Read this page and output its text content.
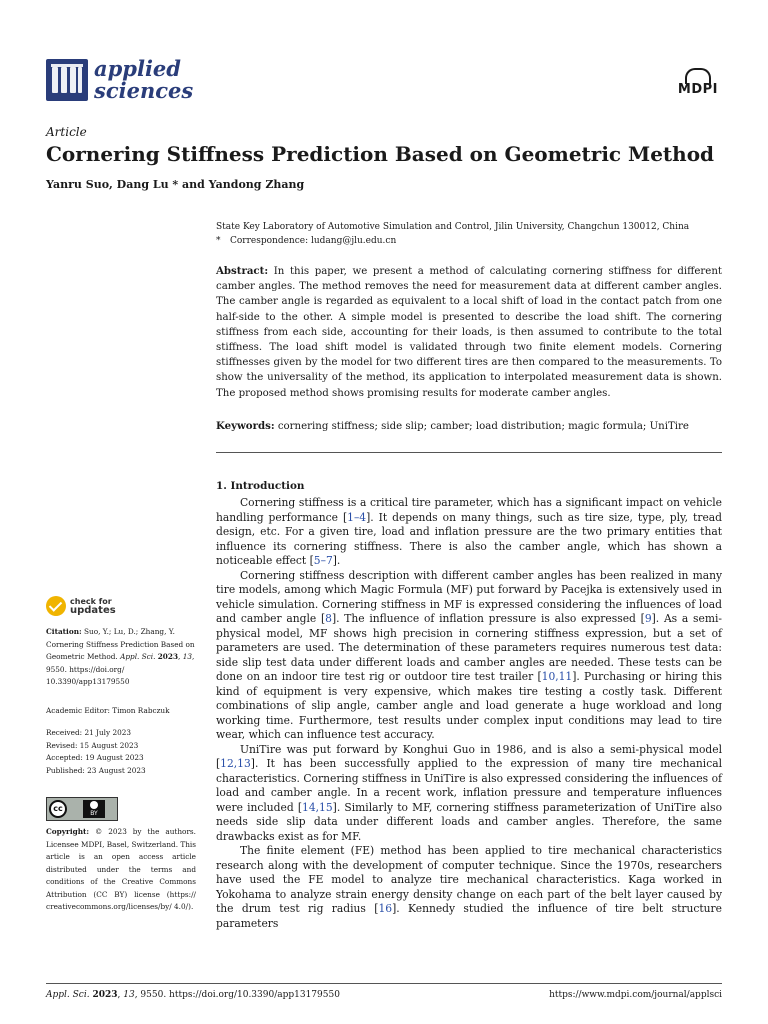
applied
sciences	MDPI
Article
Cornering Stiffness Prediction Based on Geometric Method
Yanru Suo, Dang Lu * and Yandong Zhang
State Key Laboratory of Automotive Simulation and Control, Jilin University, Changchun 130012, China
* Correspondence: ludang@jlu.edu.cn
Abstract: In this paper, we present a method of calculating cornering stiffness for different camber angles. The method removes the need for measurement data at different camber angles. The camber angle is regarded as equivalent to a local shift of load in the contact patch from one half-side to the other. A simple model is presented to describe the load shift. The cornering stiffness from each side, accounting for their loads, is then assumed to contribute to the total stiffness. The load shift model is validated through two finite element models. Cornering stiffnesses given by the model for two different tires are then compared to the measurements. To show the universality of the method, its application to interpolated measurement data is shown. The proposed method shows promising results for moderate camber angles.
Keywords: cornering stiffness; side slip; camber; load distribution; magic formula; UniTire
1. Introduction

Cornering stiffness is a critical tire parameter, which has a significant impact on vehicle handling performance [1–4]. It depends on many things, such as tire size, type, ply, tread design, etc. For a given tire, load and inflation pressure are the two primary entities that influence its cornering stiffness. There is also the camber angle, which has shown a noticeable effect [5–7].

Cornering stiffness description with different camber angles has been realized in many tire models, among which Magic Formula (MF) put forward by Pacejka is extensively used in vehicle simulation. Cornering stiffness in MF is expressed considering the influences of load and camber angle [8]. The influence of inflation pressure is also expressed [9]. As a semi-physical model, MF shows high precision in cornering stiffness expression, but a set of parameters are used. The determination of these parameters requires numerous test data: side slip test data under different loads and camber angles are needed. These tests can be done on an indoor tire test rig or outdoor tire test trailer [10,11]. Purchasing or hiring this kind of equipment is very expensive, which makes tire testing a costly task. Different combinations of slip angle, camber angle and load generate a huge workload and long working time. Furthermore, test results under complex input conditions may lead to tire wear, which can influence test accuracy.

UniTire was put forward by Konghui Guo in 1986, and is also a semi-physical model [12,13]. It has been successfully applied to the expression of many tire mechanical characteristics. Cornering stiffness in UniTire is also expressed considering the influences of load and camber angle. In a recent work, inflation pressure and temperature influences were included [14,15]. Similarly to MF, cornering stiffness parameterization of UniTire also needs side slip data under different loads and camber angles. Therefore, the same drawbacks exist as for MF.

The finite element (FE) method has been applied to tire mechanical characteristics research along with the development of computer technique. Since the 1970s, researchers have used the FE model to analyze tire mechanical characteristics. Kaga worked in Yokohama to analyze strain energy density change on each part of the belt layer caused by the drum test rig radius [16]. Kennedy studied the influence of tire belt structure parameters

check for
updates
Citation: Suo, Y.; Lu, D.; Zhang, Y. Cornering Stiffness Prediction Based on Geometric Method. Appl. Sci. 2023, 13, 9550. https://doi.org/ 10.3390/app13179550
Academic Editor: Timon Rabczuk
Received: 21 July 2023
Revised: 15 August 2023
Accepted: 19 August 2023
Published: 23 August 2023
cc
BY
Copyright: © 2023 by the authors. Licensee MDPI, Basel, Switzerland. This article is an open access article distributed under the terms and conditions of the Creative Commons Attribution (CC BY) license (https:// creativecommons.org/licenses/by/ 4.0/).
Appl. Sci. 2023, 13, 9550. https://doi.org/10.3390/app13179550	https://www.mdpi.com/journal/applsci
